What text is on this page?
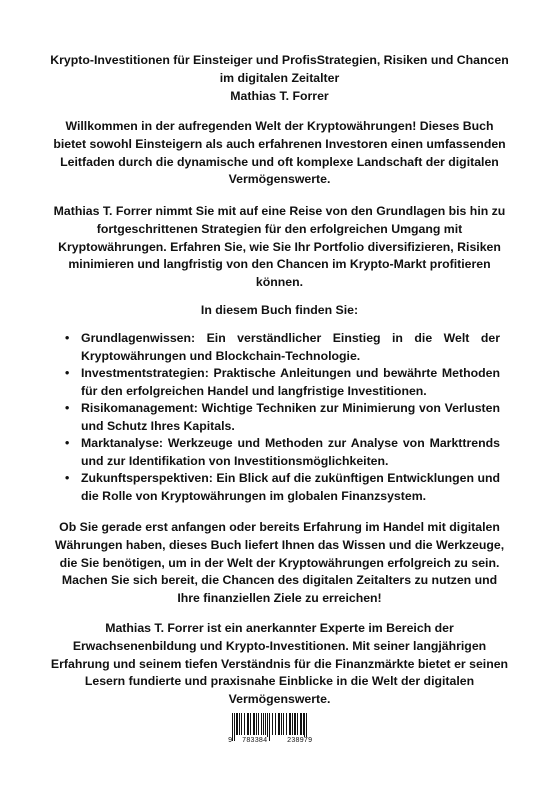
Krypto-Investitionen für Einsteiger und ProfisStrategien, Risiken und Chancen im digitalen Zeitalter
Mathias T. Forrer
Willkommen in der aufregenden Welt der Kryptowährungen! Dieses Buch bietet sowohl Einsteigern als auch erfahrenen Investoren einen umfassenden Leitfaden durch die dynamische und oft komplexe Landschaft der digitalen Vermögenswerte.
Mathias T. Forrer nimmt Sie mit auf eine Reise von den Grundlagen bis hin zu fortgeschrittenen Strategien für den erfolgreichen Umgang mit Kryptowährungen. Erfahren Sie, wie Sie Ihr Portfolio diversifizieren, Risiken minimieren und langfristig von den Chancen im Krypto-Markt profitieren können.
In diesem Buch finden Sie:
• Grundlagenwissen: Ein verständlicher Einstieg in die Welt der Kryptowährungen und Blockchain-Technologie.
• Investmentstrategien: Praktische Anleitungen und bewährte Methoden für den erfolgreichen Handel und langfristige Investitionen.
• Risikomanagement: Wichtige Techniken zur Minimierung von Verlusten und Schutz Ihres Kapitals.
• Marktanalyse: Werkzeuge und Methoden zur Analyse von Markttrends und zur Identifikation von Investitionsmöglichkeiten.
• Zukunftsperspektiven: Ein Blick auf die zukünftigen Entwicklungen und die Rolle von Kryptowährungen im globalen Finanzsystem.
Ob Sie gerade erst anfangen oder bereits Erfahrung im Handel mit digitalen Währungen haben, dieses Buch liefert Ihnen das Wissen und die Werkzeuge, die Sie benötigen, um in der Welt der Kryptowährungen erfolgreich zu sein. Machen Sie sich bereit, die Chancen des digitalen Zeitalters zu nutzen und Ihre finanziellen Ziele zu erreichen!
Mathias T. Forrer ist ein anerkannter Experte im Bereich der Erwachsenenbildung und Krypto-Investitionen. Mit seiner langjährigen Erfahrung und seinem tiefen Verständnis für die Finanzmärkte bietet er seinen Lesern fundierte und praxisnahe Einblicke in die Welt der digitalen Vermögenswerte.
9 783384	238979
